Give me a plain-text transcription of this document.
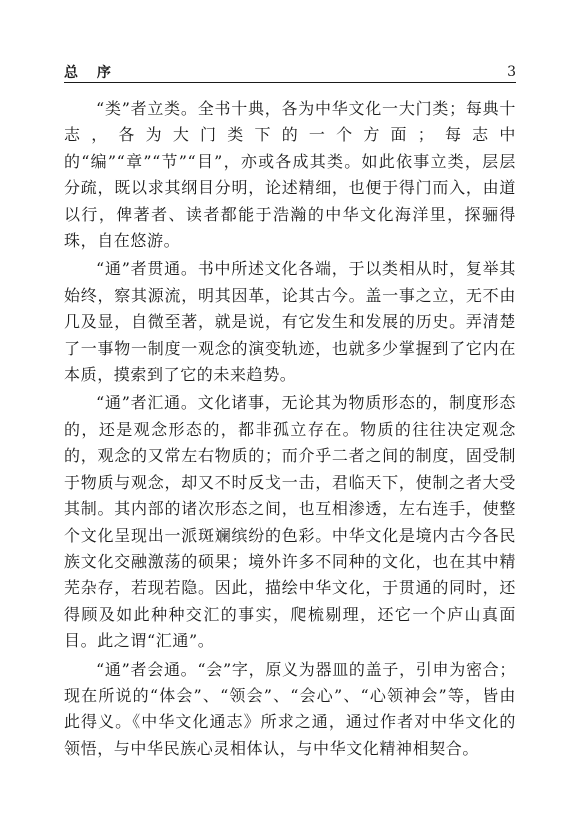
总 序	3

“类”者立类。全书十典，各为中华文化一大门类；每典十志，各为大门类下的一个方面；每志中的“编”“章”“节”“目”，亦或各成其类。如此依事立类，层层分疏，既以求其纲目分明，论述精细，也便于得门而入，由道以行，俾著者、读者都能于浩瀚的中华文化海洋里，探骊得珠，自在悠游。

“通”者贯通。书中所述文化各端，于以类相从时，复举其始终，察其源流，明其因革，论其古今。盖一事之立，无不由几及显，自微至著，就是说，有它发生和发展的历史。弄清楚了一事物一制度一观念的演变轨迹，也就多少掌握到了它内在本质，摸索到了它的未来趋势。

“通”者汇通。文化诸事，无论其为物质形态的，制度形态的，还是观念形态的，都非孤立存在。物质的往往决定观念的，观念的又常左右物质的；而介乎二者之间的制度，固受制于物质与观念，却又不时反戈一击，君临天下，使制之者大受其制。其内部的诸次形态之间，也互相渗透，左右连手，使整个文化呈现出一派斑斓缤纷的色彩。中华文化是境内古今各民族文化交融激荡的硕果；境外许多不同种的文化，也在其中精芜杂存，若现若隐。因此，描绘中华文化，于贯通的同时，还得顾及如此种种交汇的事实，爬梳剔理，还它一个庐山真面目。此之谓“汇通”。

“通”者会通。“会”字，原义为器皿的盖子，引申为密合；现在所说的“体会”、“领会”、“会心”、“心领神会”等，皆由此得义。《中华文化通志》所求之通，通过作者对中华文化的领悟，与中华民族心灵相体认，与中华文化精神相契合。
